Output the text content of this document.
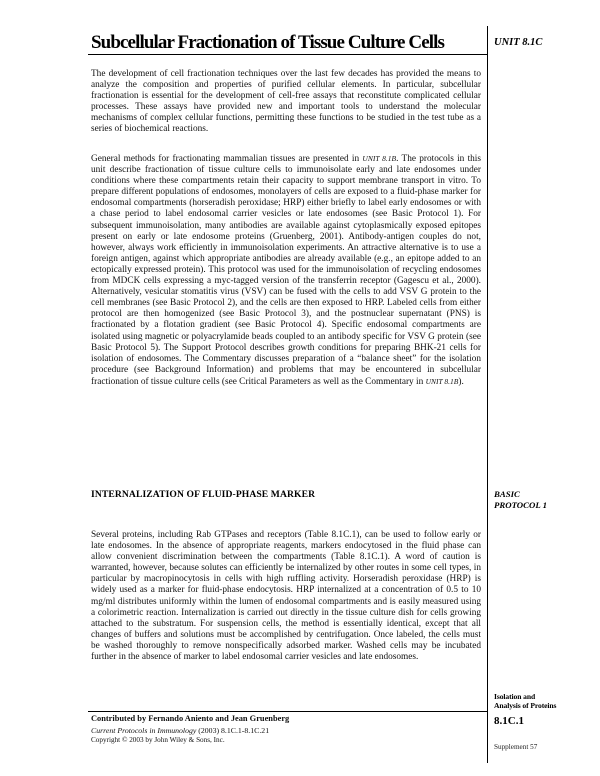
Subcellular Fractionation of Tissue Culture Cells	UNIT 8.1C

The development of cell fractionation techniques over the last few decades has provided the means to analyze the composition and properties of purified cellular elements. In particular, subcellular fractionation is essential for the development of cell-free assays that reconstitute complicated cellular processes. These assays have provided new and important tools to understand the molecular mechanisms of complex cellular functions, permitting these functions to be studied in the test tube as a series of biochemical reactions.

General methods for fractionating mammalian tissues are presented in UNIT 8.1B. The protocols in this unit describe fractionation of tissue culture cells to immunoisolate early and late endosomes under conditions where these compartments retain their capacity to support membrane transport in vitro. To prepare different populations of endosomes, monolayers of cells are exposed to a fluid-phase marker for endosomal compartments (horseradish peroxidase; HRP) either briefly to label early endosomes or with a chase period to label endosomal carrier vesicles or late endosomes (see Basic Protocol 1). For subsequent immunoisolation, many antibodies are available against cytoplasmically exposed epitopes present on early or late endosome proteins (Gruenberg, 2001). Antibody-antigen couples do not, however, always work efficiently in immunoisolation experiments. An attractive alternative is to use a foreign antigen, against which appropriate antibodies are already available (e.g., an epitope added to an ectopically expressed protein). This protocol was used for the immunoisolation of recycling endosomes from MDCK cells expressing a myc-tagged version of the transferrin receptor (Gagescu et al., 2000). Alternatively, vesicular stomatitis virus (VSV) can be fused with the cells to add VSV G protein to the cell membranes (see Basic Protocol 2), and the cells are then exposed to HRP. Labeled cells from either protocol are then homogenized (see Basic Protocol 3), and the postnuclear supernatant (PNS) is fractionated by a flotation gradient (see Basic Protocol 4). Specific endosomal compartments are isolated using magnetic or polyacrylamide beads coupled to an antibody specific for VSV G protein (see Basic Protocol 5). The Support Protocol describes growth conditions for preparing BHK-21 cells for isolation of endosomes. The Commentary discusses preparation of a “balance sheet” for the isolation procedure (see Background Information) and problems that may be encountered in subcellular fractionation of tissue culture cells (see Critical Parameters as well as the Commentary in UNIT 8.1B).

INTERNALIZATION OF FLUID-PHASE MARKER	BASIC
PROTOCOL 1

Several proteins, including Rab GTPases and receptors (Table 8.1C.1), can be used to follow early or late endosomes. In the absence of appropriate reagents, markers endocytosed in the fluid phase can allow convenient discrimination between the compartments (Table 8.1C.1). A word of caution is warranted, however, because solutes can efficiently be internalized by other routes in some cell types, in particular by macropinocytosis in cells with high ruffling activity. Horseradish peroxidase (HRP) is widely used as a marker for fluid-phase endocytosis. HRP internalized at a concentration of 0.5 to 10 mg/ml distributes uniformly within the lumen of endosomal compartments and is easily measured using a colorimetric reaction. Internalization is carried out directly in the tissue culture dish for cells growing attached to the substratum. For suspension cells, the method is essentially identical, except that all changes of buffers and solutions must be accomplished by centrifugation. Once labeled, the cells must be washed thoroughly to remove nonspecifically adsorbed marker. Washed cells may be incubated further in the absence of marker to label endosomal carrier vesicles and late endosomes.

Isolation and
Analysis of Proteins

Contributed by Fernando Aniento and Jean Gruenberg

Current Protocols in Immunology (2003) 8.1C.1-8.1C.21

Copyright © 2003 by John Wiley & Sons, Inc.

8.1C.1
Supplement 57
